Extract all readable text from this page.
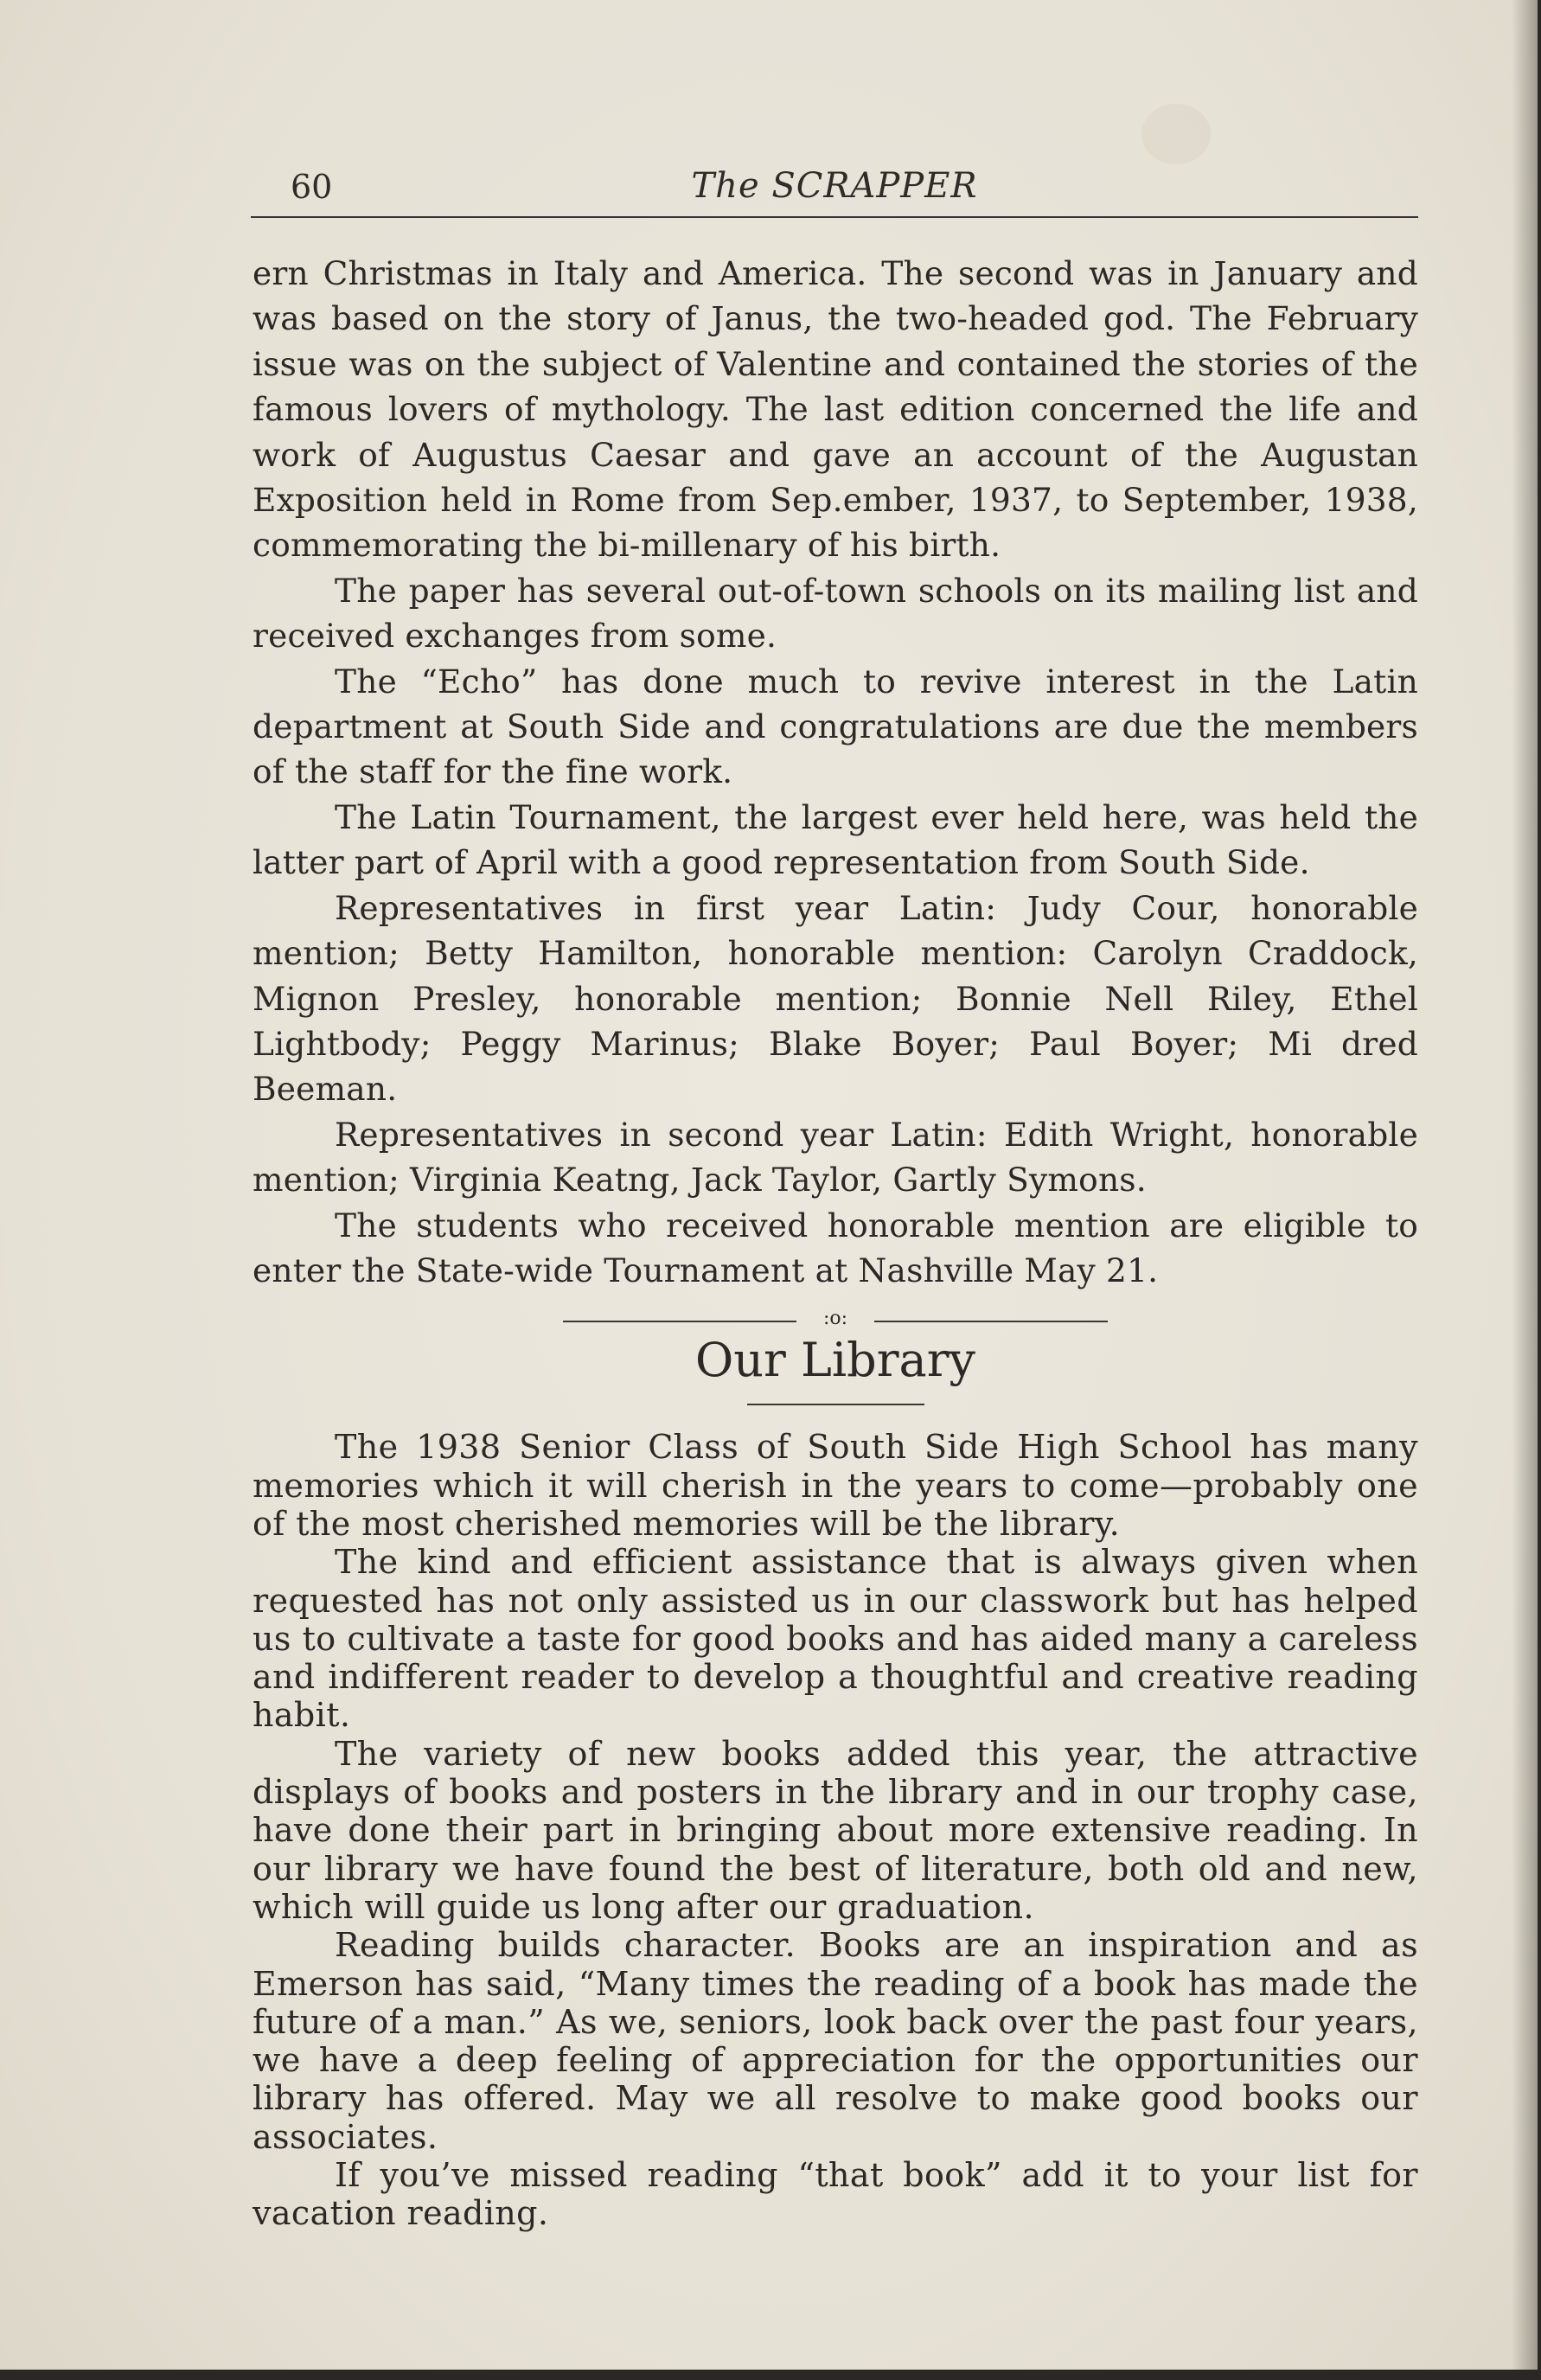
60	The SCRAPPER

ern Christmas in Italy and America. The second was in January and was based on the story of Janus, the two-headed god. The February issue was on the subject of Valentine and contained the stories of the famous lovers of mythology. The last edition concerned the life and work of Augustus Caesar and gave an account of the Augustan Exposition held in Rome from Sep.ember, 1937, to September, 1938, commemorating the bi-millenary of his birth.

The paper has several out-of-town schools on its mailing list and received exchanges from some.

The “Echo” has done much to revive interest in the Latin department at South Side and congratulations are due the members of the staff for the fine work.

The Latin Tournament, the largest ever held here, was held the latter part of April with a good representation from South Side.

Representatives in first year Latin: Judy Cour, honorable mention; Betty Hamilton, honorable mention: Carolyn Craddock, Mignon Presley, honorable mention; Bonnie Nell Riley, Ethel Lightbody; Peggy Marinus; Blake Boyer; Paul Boyer; Mi dred Beeman.

Representatives in second year Latin: Edith Wright, honorable mention; Virginia Keatng, Jack Taylor, Gartly Symons.

The students who received honorable mention are eligible to enter the State-wide Tournament at Nashville May 21.

:o:
Our Library

The 1938 Senior Class of South Side High School has many memories which it will cherish in the years to come—probably one of the most cherished memories will be the library.

The kind and efficient assistance that is always given when requested has not only assisted us in our classwork but has helped us to cultivate a taste for good books and has aided many a careless and indifferent reader to develop a thoughtful and creative reading habit.

The variety of new books added this year, the attractive displays of books and posters in the library and in our trophy case, have done their part in bringing about more extensive reading. In our library we have found the best of literature, both old and new, which will guide us long after our graduation.

Reading builds character. Books are an inspiration and as Emerson has said, “Many times the reading of a book has made the future of a man.” As we, seniors, look back over the past four years, we have a deep feeling of appreciation for the opportunities our library has offered. May we all resolve to make good books our associates.

If you’ve missed reading “that book” add it to your list for vacation reading.
